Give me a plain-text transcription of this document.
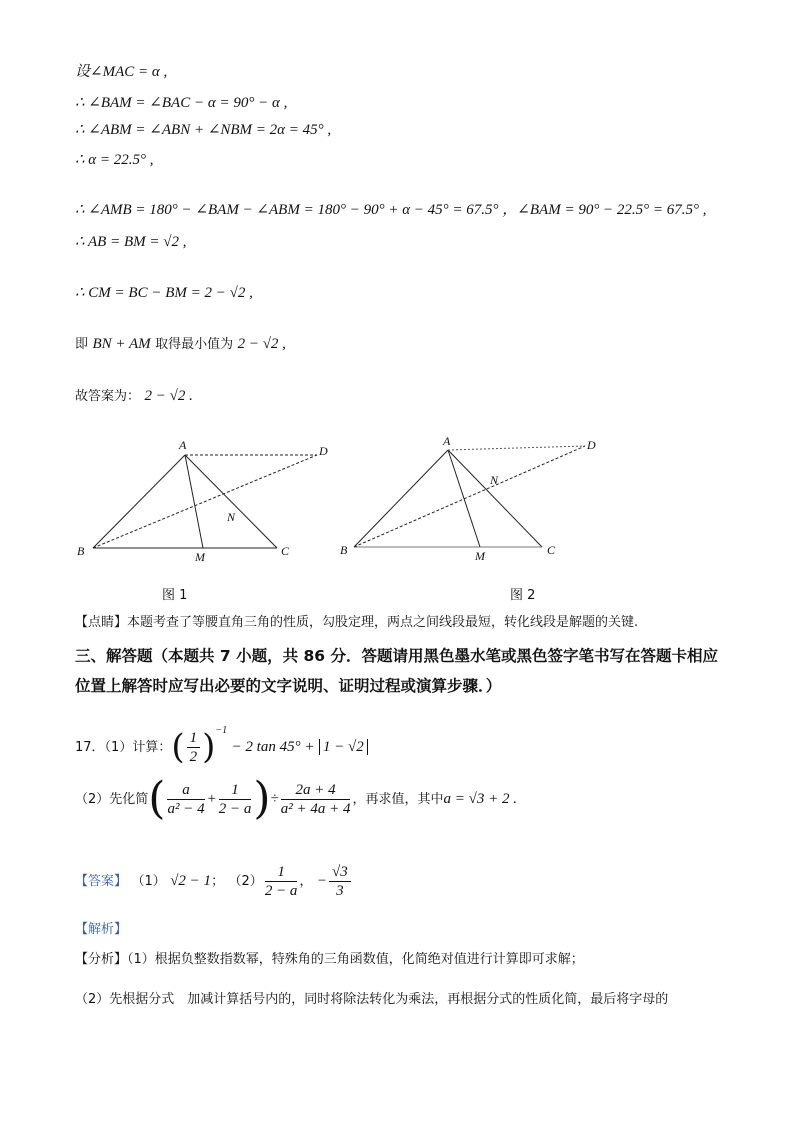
设∠MAC = α ,
∴ ∠BAM = ∠BAC − α = 90° − α ,
∴ ∠ABM = ∠ABN + ∠NBM = 2α = 45° ,
∴ α = 22.5° ,
∴ ∠AMB = 180° − ∠BAM − ∠ABM = 180° − 90° + α − 45° = 67.5° ，∠BAM = 90° − 22.5° = 67.5° ,
∴ AB = BM = √2 ,
∴ CM = BC − BM = 2 − √2 ,
即 BN + AM 取得最小值为 2 − √2 ,
故答案为： 2 − √2 .
A	D
N
B	M	C
图 1
A	D
N
B	M	C
图 2
【点睛】本题考查了等腰直角三角的性质，勾股定理，两点之间线段最短，转化线段是解题的关键.
三、解答题（本题共 7 小题，共 86 分．答题请用黑色墨水笔或黑色签字笔书写在答题卡相应
位置上解答时应写出必要的文字说明、证明过程或演算步骤．）
17．（1）计算：( $\frac{1}{2} )^{-1} - 2$ tan 45° + 1 − √2
（2）先化简( $\frac{a}{\text{a² − 4}} + \frac{1}{2 - a}$ )÷ $\frac{2a + 4}{\text{a² + 4a + 4}}$ ，再求值，其中a = √3 + 2 .
【答案】 （1） √2 − 1； $(2) \frac{1}{2 - a}$ ， − $\frac{√3}{3}$
【解析】
【分析】（1）根据负整数指数幂，特殊角的三角函数值，化简绝对值进行计算即可求解；
（2）先根据分式　加减计算括号内的，同时将除法转化为乘法，再根据分式的性质化简，最后将字母的
